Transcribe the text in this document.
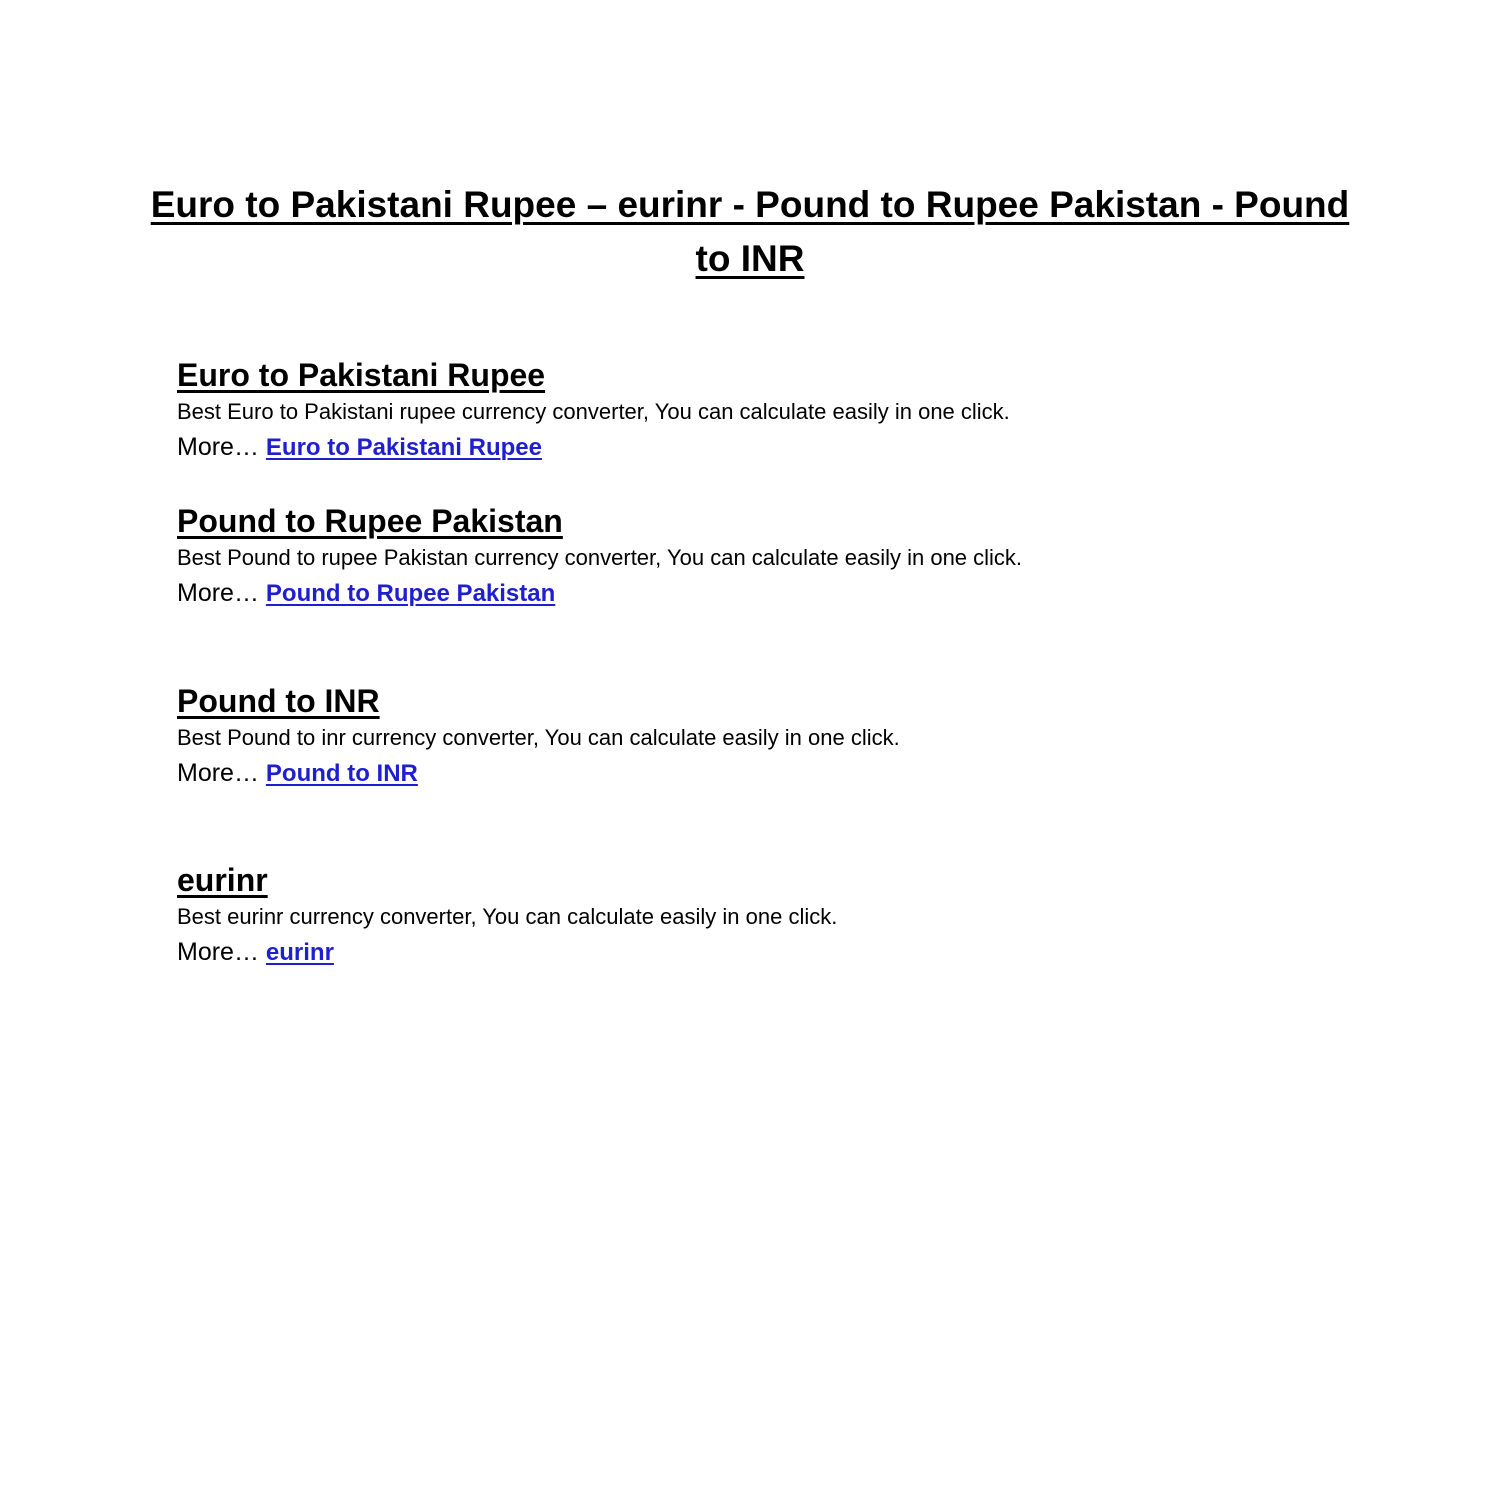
Euro to Pakistani Rupee – eurinr - Pound to Rupee Pakistan - Pound to INR
Euro to Pakistani Rupee

Best Euro to Pakistani rupee currency converter, You can calculate easily in one click.

More… Euro to Pakistani Rupee

Pound to Rupee Pakistan

Best Pound to rupee Pakistan currency converter, You can calculate easily in one click.

More… Pound to Rupee Pakistan

Pound to INR

Best Pound to inr currency converter, You can calculate easily in one click.

More… Pound to INR

eurinr

Best eurinr currency converter, You can calculate easily in one click.

More… eurinr
